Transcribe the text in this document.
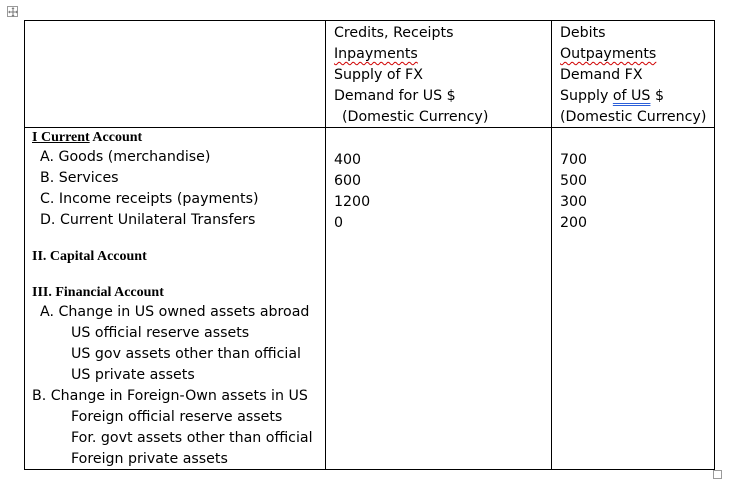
Credits, Receipts
Inpayments
Supply of FX
Demand for US $
(Domestic Currency)
Debits
Outpayments
Demand FX
Supply of US $
(Domestic Currency)
I Current Account
A. Goods (merchandise)
B. Services
C. Income receipts (payments)
D. Current Unilateral Transfers
400
600
1200
0
700
500
300
200
II. Capital Account
III. Financial Account
A. Change in US owned assets abroad
US official reserve assets
US gov assets other than official
US private assets
B. Change in Foreign-Own assets in US
Foreign official reserve assets
For. govt assets other than official
Foreign private assets
